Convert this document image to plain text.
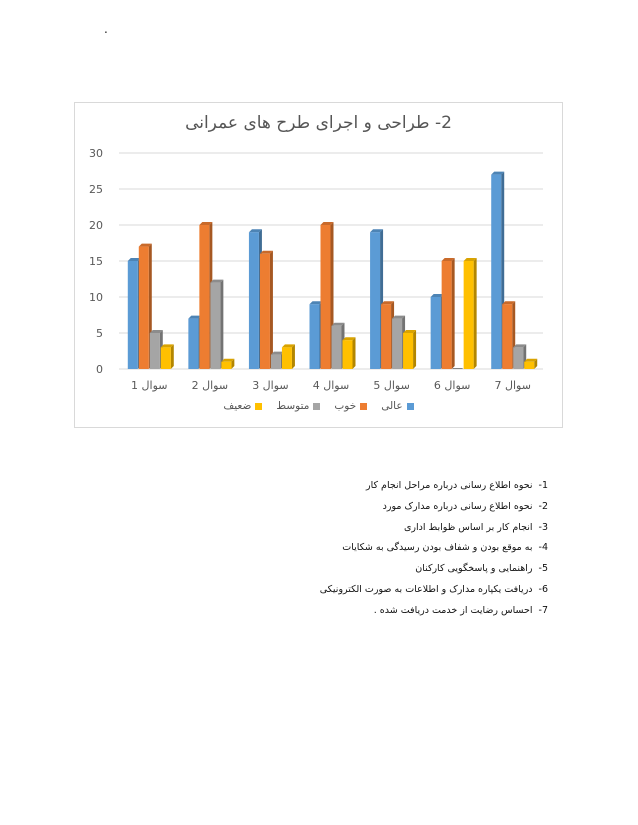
.
2- طراحی و اجرای طرح های عمرانی
0
5
10
15
20
25
30
سوال 1 سوال 2 سوال 3 سوال 4 سوال 5 سوال 6 سوال 7
عالی
خوب
متوسط
ضعیف
1-نحوه اطلاع رسانی درباره مراحل انجام کار
2-نحوه اطلاع رسانی درباره مدارک مورد
3-انجام کار بر اساس ظوابط اداری
4-به موقع بودن و شفاف بودن رسیدگی به شکایات
5-راهنمایی و پاسخگویی کارکنان
6-دریافت یکپاره مدارک و اطلاعات به صورت الکترونیکی
7-احساس رضایت از خدمت دریافت شده .
